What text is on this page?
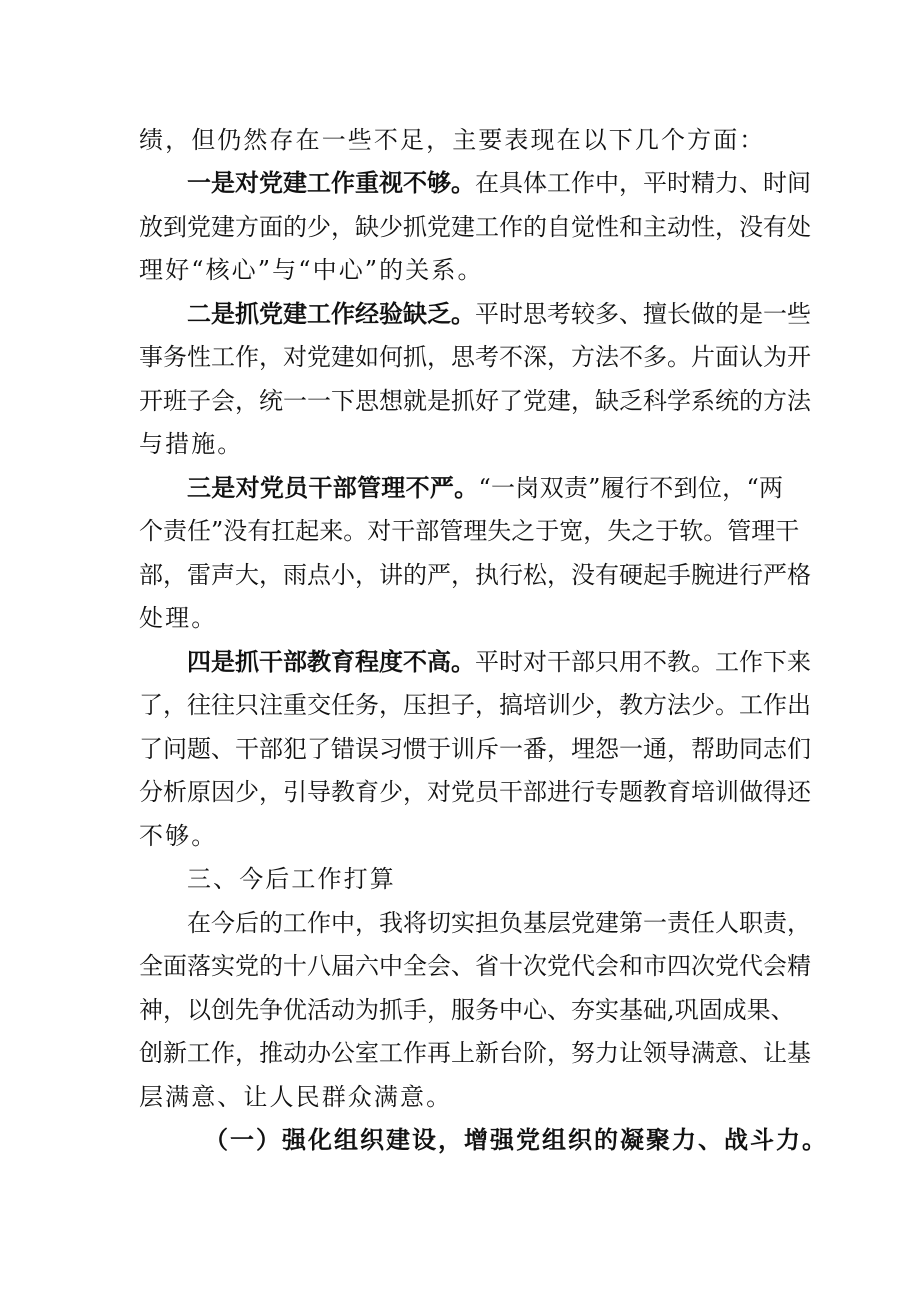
绩，但仍然存在一些不足，主要表现在以下几个方面：
一是对党建工作重视不够。在具体工作中，平时精力、时间
放到党建方面的少，缺少抓党建工作的自觉性和主动性，没有处
理好“核心”与“中心”的关系。
二是抓党建工作经验缺乏。平时思考较多、擅长做的是一些
事务性工作，对党建如何抓，思考不深，方法不多。片面认为开
开班子会，统一一下思想就是抓好了党建，缺乏科学系统的方法
与措施。
三是对党员干部管理不严。“一岗双责”履行不到位，“两
个责任”没有扛起来。对干部管理失之于宽，失之于软。管理干
部，雷声大，雨点小，讲的严，执行松，没有硬起手腕进行严格
处理。
四是抓干部教育程度不高。平时对干部只用不教。工作下来
了，往往只注重交任务，压担子，搞培训少，教方法少。工作出
了问题、干部犯了错误习惯于训斥一番，埋怨一通，帮助同志们
分析原因少，引导教育少，对党员干部进行专题教育培训做得还
不够。
三、今后工作打算
在今后的工作中，我将切实担负基层党建第一责任人职责，
全面落实党的十八届六中全会、省十次党代会和市四次党代会精
神，以创先争优活动为抓手，服务中心、夯实基础,巩固成果、
创新工作，推动办公室工作再上新台阶，努力让领导满意、让基
层满意、让人民群众满意。
（一）强化组织建设，增强党组织的凝聚力、战斗力。
